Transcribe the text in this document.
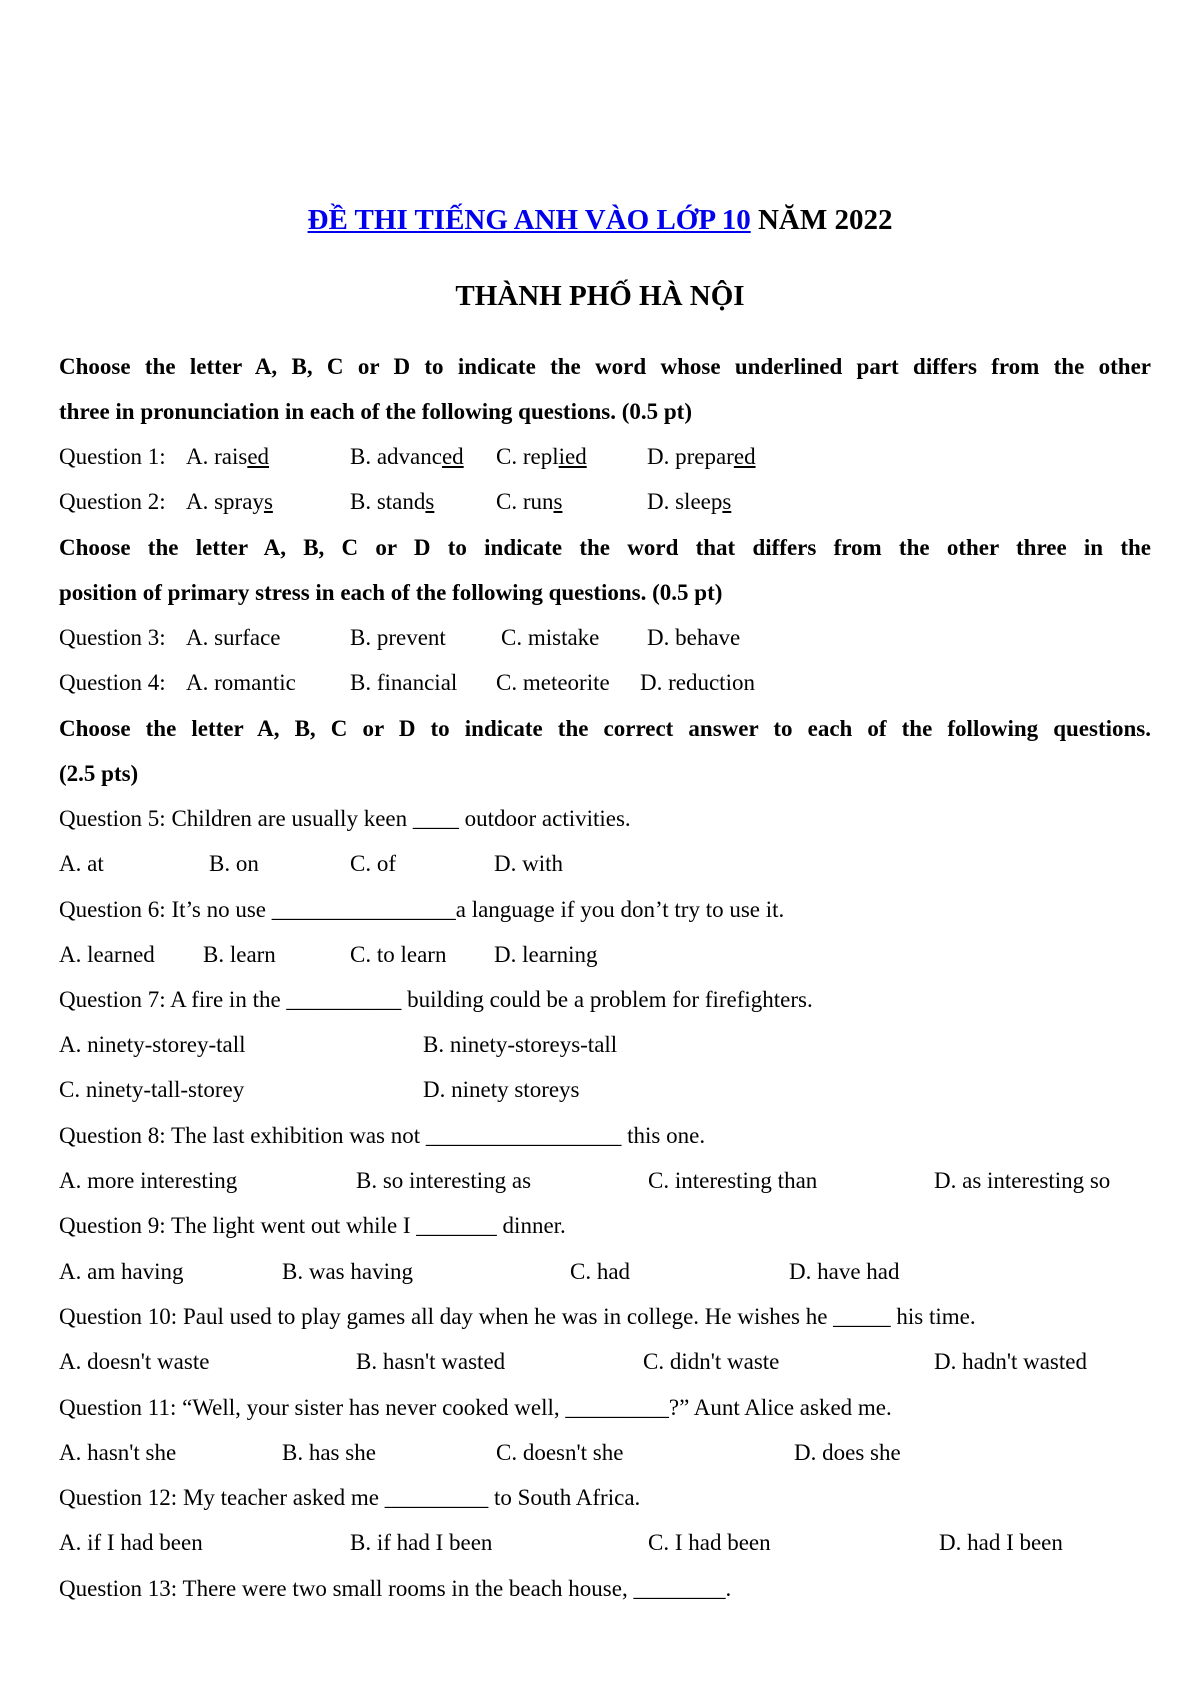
ĐỀ THI TIẾNG ANH VÀO LỚP 10 NĂM 2022
THÀNH PHỐ HÀ NỘI
Choose the letter A, B, C or D to indicate the word whose underlined part differs from the other
three in pronunciation in each of the following questions. (0.5 pt)
Question 1: A. raised	B. advanced C. replied	D. prepared
Question 2: A. sprays	B. stands	C. runs	D. sleeps
Choose the letter A, B, C or D to indicate the word that differs from the other three in the
position of primary stress in each of the following questions. (0.5 pt)
Question 3: A. surface	B. prevent C. mistake D. behave
Question 4: A. romantic B. financial C. meteorite D. reduction
Choose the letter A, B, C or D to indicate the correct answer to each of the following questions.
(2.5 pts)
Question 5: Children are usually keen ____ outdoor activities.
A. at	B. on	C. of	D. with
Question 6: It’s no use ________________a language if you don’t try to use it.
A. learned B. learn	C. to learn D. learning
Question 7: A fire in the __________ building could be a problem for firefighters.
A. ninety-storey-tall	B. ninety-storeys-tall
C. ninety-tall-storey	D. ninety storeys
Question 8: The last exhibition was not _________________ this one.
A. more interesting	B. so interesting as	C. interesting than	D. as interesting so
Question 9: The light went out while I _______ dinner.
A. am having	B. was having	C. had	D. have had
Question 10: Paul used to play games all day when he was in college. He wishes he _____ his time.
A. doesn't waste	B. hasn't wasted	C. didn't waste	D. hadn't wasted
Question 11: “Well, your sister has never cooked well, _________?” Aunt Alice asked me.
A. hasn't she	B. has she	C. doesn't she	D. does she
Question 12: My teacher asked me _________ to South Africa.
A. if I had been	B. if had I been	C. I had been	D. had I been
Question 13: There were two small rooms in the beach house, ________.
